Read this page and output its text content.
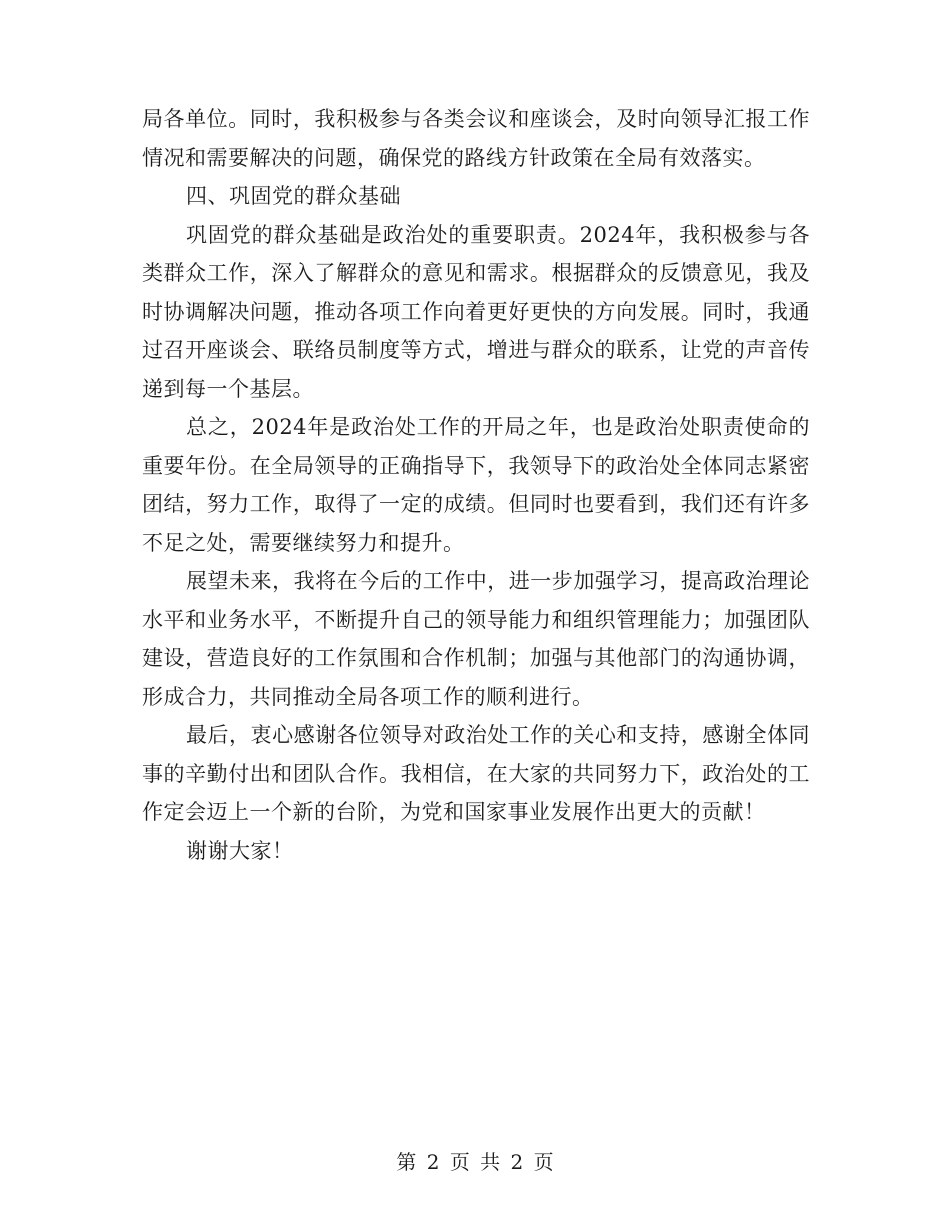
局各单位。同时，我积极参与各类会议和座谈会，及时向领导汇报工作情况和需要解决的问题，确保党的路线方针政策在全局有效落实。

四、巩固党的群众基础

巩固党的群众基础是政治处的重要职责。2024年，我积极参与各类群众工作，深入了解群众的意见和需求。根据群众的反馈意见，我及时协调解决问题，推动各项工作向着更好更快的方向发展。同时，我通过召开座谈会、联络员制度等方式，增进与群众的联系，让党的声音传递到每一个基层。

总之，2024年是政治处工作的开局之年，也是政治处职责使命的重要年份。在全局领导的正确指导下，我领导下的政治处全体同志紧密团结，努力工作，取得了一定的成绩。但同时也要看到，我们还有许多不足之处，需要继续努力和提升。

展望未来，我将在今后的工作中，进一步加强学习，提高政治理论水平和业务水平，不断提升自己的领导能力和组织管理能力；加强团队建设，营造良好的工作氛围和合作机制；加强与其他部门的沟通协调，形成合力，共同推动全局各项工作的顺利进行。

最后，衷心感谢各位领导对政治处工作的关心和支持，感谢全体同事的辛勤付出和团队合作。我相信，在大家的共同努力下，政治处的工作定会迈上一个新的台阶，为党和国家事业发展作出更大的贡献！

谢谢大家！

第 2 页 共 2 页
